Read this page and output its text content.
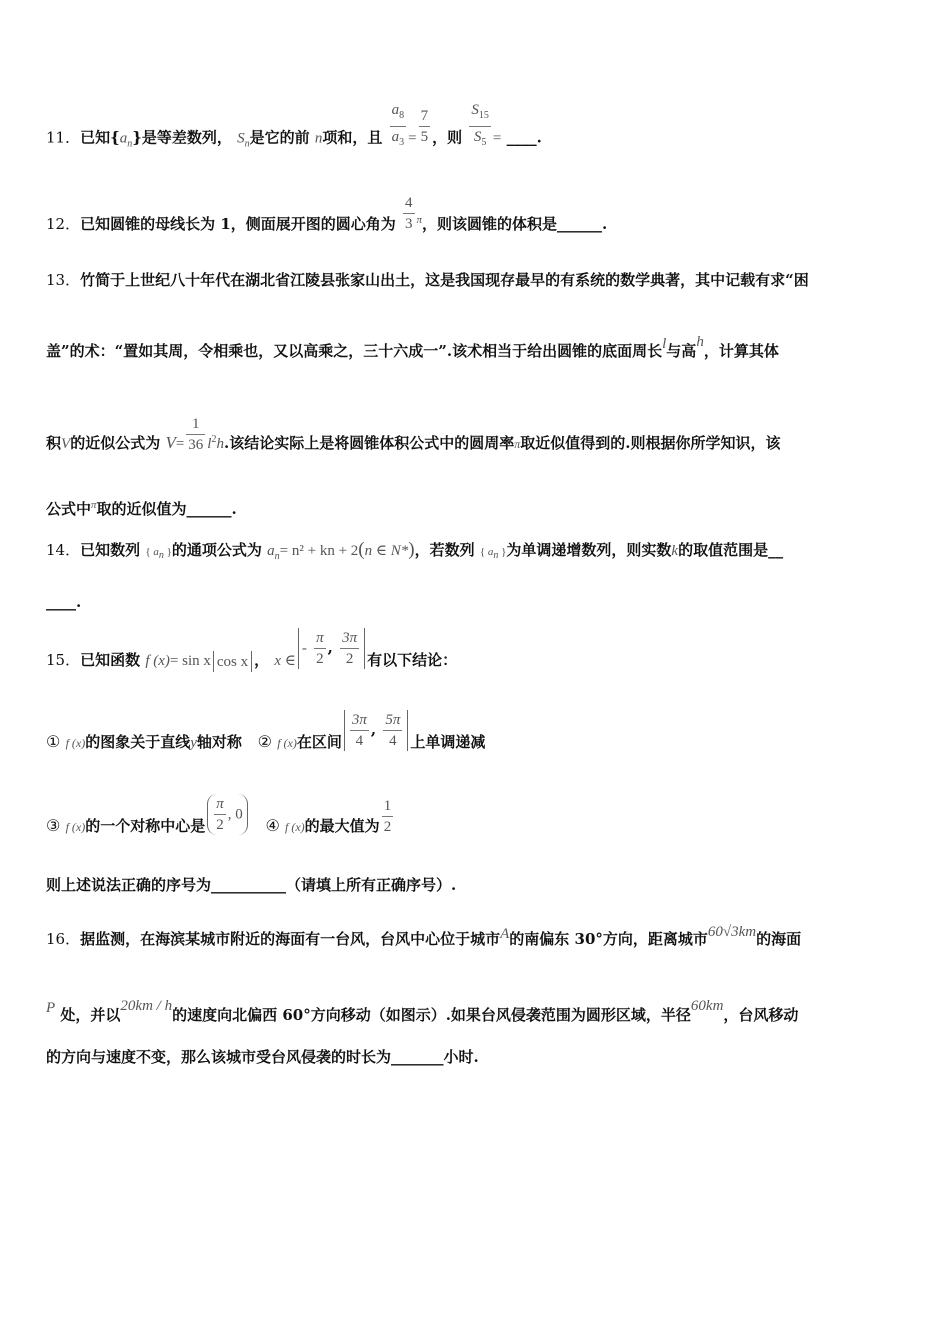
11．已知$\{a_n\}$是等差数列， $S_n$是它的前 n项和，且 $\frac{a_8}{a_3} = \frac{7}{5}$ ，则 $\frac{S_{15}}{S_5}$ = ____.
12．已知圆锥的母线长为 1，侧面展开图的圆心角为 $\frac{4}{3} ^\pi$，则该圆锥的体积是______.
13．竹简于上世纪八十年代在湖北省江陵县张家山出土，这是我国现存最早的有系统的数学典著，其中记载有求“困
盖”的术：“置如其周，令相乘也，又以高乘之，三十六成一”.该术相当于给出圆锥的底面周长l与高h，计算其体
积V的近似公式为 $V= \frac{1}{36} l^2h$.该结论实际上是将圆锥体积公式中的圆周率π取近似值得到的.则根据你所学知识，该
公式中$^\pi$取的近似值为______.
14．已知数列 { $a_n$ }的通项公式为 $a_n= n^2$ + kn + 2(n ∈ N*)，若数列 { $a_n$ }为单调递增数列，则实数k的取值范围是__
____.
15．已知函数 f (x)= sin x cos x ， x ∈- $\frac{\pi}{2}$ , $\frac{3\pi}{2}$ 有以下结论：
① f (x)的图象关于直线y轴对称 ② f (x)在区间 $\frac{3\pi}{4}$ , $\frac{5\pi}{4}$ 上单调递减
③ f (x)的一个对称中心是 $\frac{\pi}{2}$ , 0   ④ f (x)的最大值为 $\frac{1}{2}$
则上述说法正确的序号为__________（请填上所有正确序号）.
16．据监测，在海滨某城市附近的海面有一台风，台风中心位于城市A的南偏东 30°方向，距离城市60√3km的海面
P 处，并以20km / h的速度向北偏西 60°方向移动（如图示）.如果台风侵袭范围为圆形区域，半径60km，台风移动
的方向与速度不变，那么该城市受台风侵袭的时长为_______小时.
